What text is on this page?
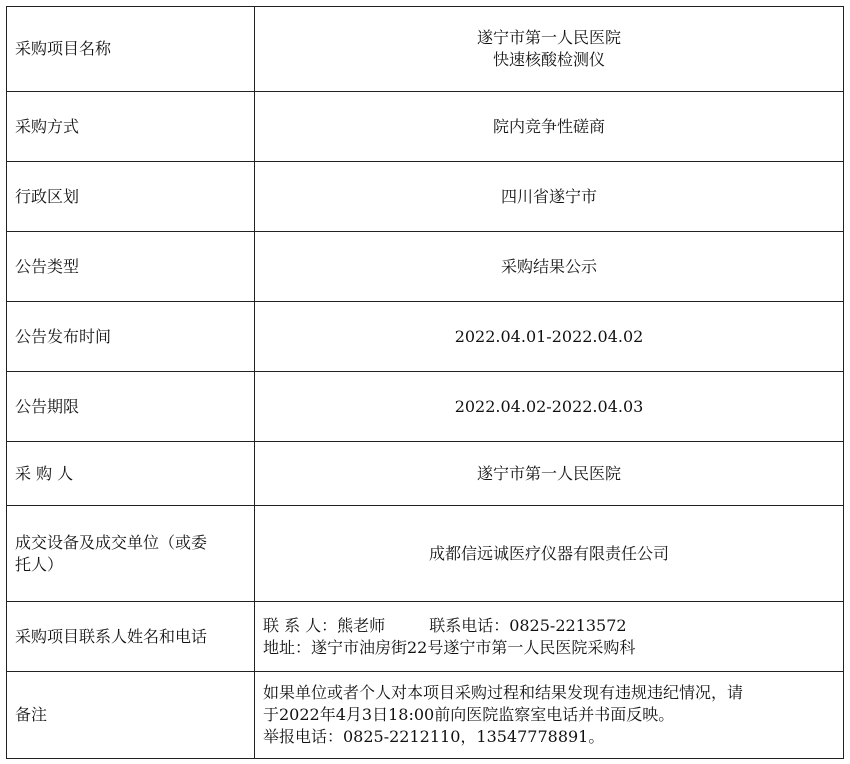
采购项目名称	遂宁市第一人民医院
快速核酸检测仪

采购方式	院内竞争性磋商
行政区划	四川省遂宁市
公告类型	采购结果公示
公告发布时间	2022.04.01-2022.04.02
公告期限	2022.04.02-2022.04.03
采 购 人	遂宁市第一人民医院

成交设备及成交单位（或委
托人）	成都信远诚医疗仪器有限责任公司
采购项目联系人姓名和电话	联 系 人：熊老师 联系电话：0825-2213572
地址：遂宁市油房街22号遂宁市第一人民医院采购科

备注	如果单位或者个人对本项目采购过程和结果发现有违规违纪情况，请
于2022年4月3日18:00前向医院监察室电话并书面反映。
举报电话：0825-2212110，13547778891。
